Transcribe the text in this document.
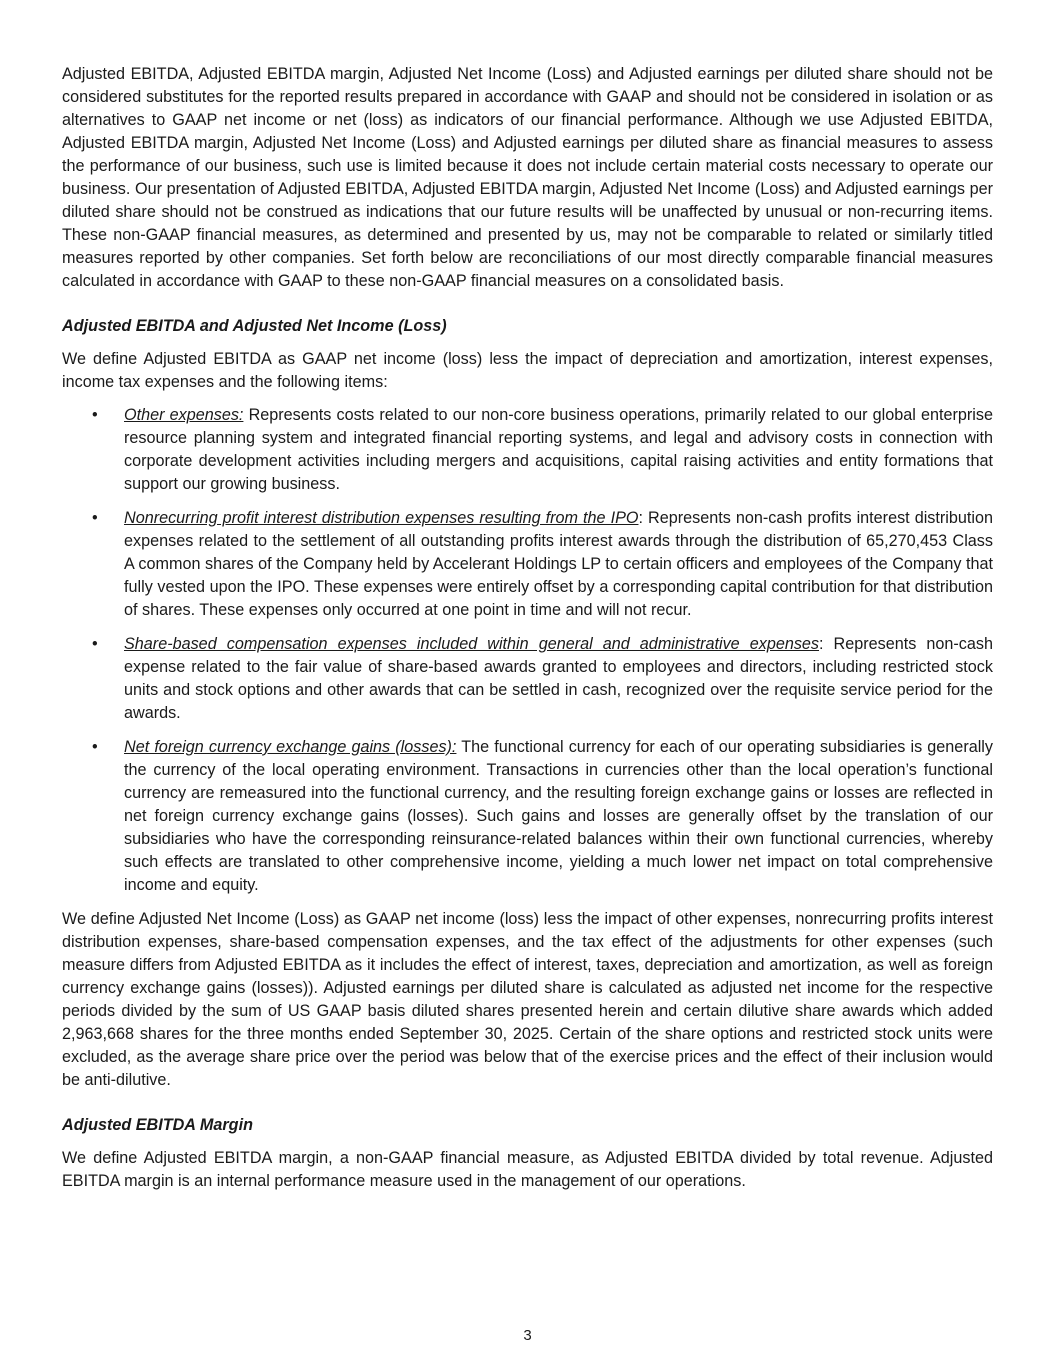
Adjusted EBITDA, Adjusted EBITDA margin, Adjusted Net Income (Loss) and Adjusted earnings per diluted share should not be considered substitutes for the reported results prepared in accordance with GAAP and should not be considered in isolation or as alternatives to GAAP net income or net (loss) as indicators of our financial performance. Although we use Adjusted EBITDA, Adjusted EBITDA margin, Adjusted Net Income (Loss) and Adjusted earnings per diluted share as financial measures to assess the performance of our business, such use is limited because it does not include certain material costs necessary to operate our business. Our presentation of Adjusted EBITDA, Adjusted EBITDA margin, Adjusted Net Income (Loss) and Adjusted earnings per diluted share should not be construed as indications that our future results will be unaffected by unusual or non-recurring items. These non-GAAP financial measures, as determined and presented by us, may not be comparable to related or similarly titled measures reported by other companies. Set forth below are reconciliations of our most directly comparable financial measures calculated in accordance with GAAP to these non-GAAP financial measures on a consolidated basis.

Adjusted EBITDA and Adjusted Net Income (Loss)

We define Adjusted EBITDA as GAAP net income (loss) less the impact of depreciation and amortization, interest expenses, income tax expenses and the following items:

• Other expenses: Represents costs related to our non-core business operations, primarily related to our global enterprise resource planning system and integrated financial reporting systems, and legal and advisory costs in connection with corporate development activities including mergers and acquisitions, capital raising activities and entity formations that support our growing business.
• Nonrecurring profit interest distribution expenses resulting from the IPO: Represents non-cash profits interest distribution expenses related to the settlement of all outstanding profits interest awards through the distribution of 65,270,453 Class A common shares of the Company held by Accelerant Holdings LP to certain officers and employees of the Company that fully vested upon the IPO. These expenses were entirely offset by a corresponding capital contribution for that distribution of shares. These expenses only occurred at one point in time and will not recur.
• Share-based compensation expenses included within general and administrative expenses: Represents non-cash expense related to the fair value of share-based awards granted to employees and directors, including restricted stock units and stock options and other awards that can be settled in cash, recognized over the requisite service period for the awards.
• Net foreign currency exchange gains (losses): The functional currency for each of our operating subsidiaries is generally the currency of the local operating environment. Transactions in currencies other than the local operation’s functional currency are remeasured into the functional currency, and the resulting foreign exchange gains or losses are reflected in net foreign currency exchange gains (losses). Such gains and losses are generally offset by the translation of our subsidiaries who have the corresponding reinsurance-related balances within their own functional currencies, whereby such effects are translated to other comprehensive income, yielding a much lower net impact on total comprehensive income and equity.

We define Adjusted Net Income (Loss) as GAAP net income (loss) less the impact of other expenses, nonrecurring profits interest distribution expenses, share-based compensation expenses, and the tax effect of the adjustments for other expenses (such measure differs from Adjusted EBITDA as it includes the effect of interest, taxes, depreciation and amortization, as well as foreign currency exchange gains (losses)). Adjusted earnings per diluted share is calculated as adjusted net income for the respective periods divided by the sum of US GAAP basis diluted shares presented herein and certain dilutive share awards which added 2,963,668 shares for the three months ended September 30, 2025. Certain of the share options and restricted stock units were excluded, as the average share price over the period was below that of the exercise prices and the effect of their inclusion would be anti-dilutive.

Adjusted EBITDA Margin

We define Adjusted EBITDA margin, a non-GAAP financial measure, as Adjusted EBITDA divided by total revenue. Adjusted EBITDA margin is an internal performance measure used in the management of our operations.

3
